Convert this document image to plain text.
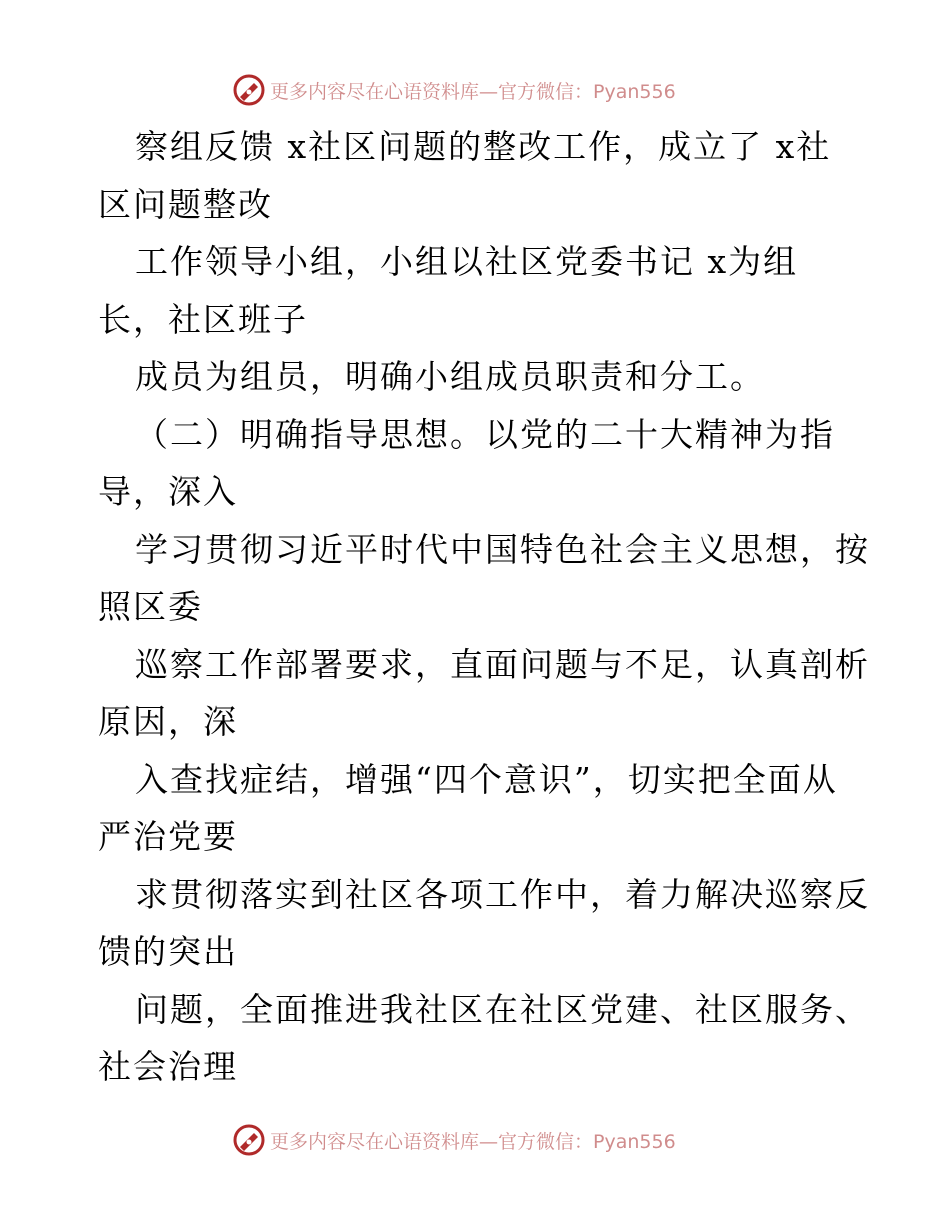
更多内容尽在心语资料库— 官方微信：Pyan556
察组反馈 x社区问题的整改工作，成立了 x社
区问题整改
工作领导小组，小组以社区党委书记 x为组
长，社区班子
成员为组员，明确小组成员职责和分工。
（二）明确指导思想。以党的二十大精神为指
导，深入
学习贯彻习近平时代中国特色社会主义思想，按
照区委
巡察工作部署要求，直面问题与不足，认真剖析
原因，深
入查找症结，增强“四个意识”，切实把全面从
严治党要
求贯彻落实到社区各项工作中，着力解决巡察反
馈的突出
问题，全面推进我社区在社区党建、社区服务、
社会治理
更多内容尽在心语资料库— 官方微信：Pyan556
